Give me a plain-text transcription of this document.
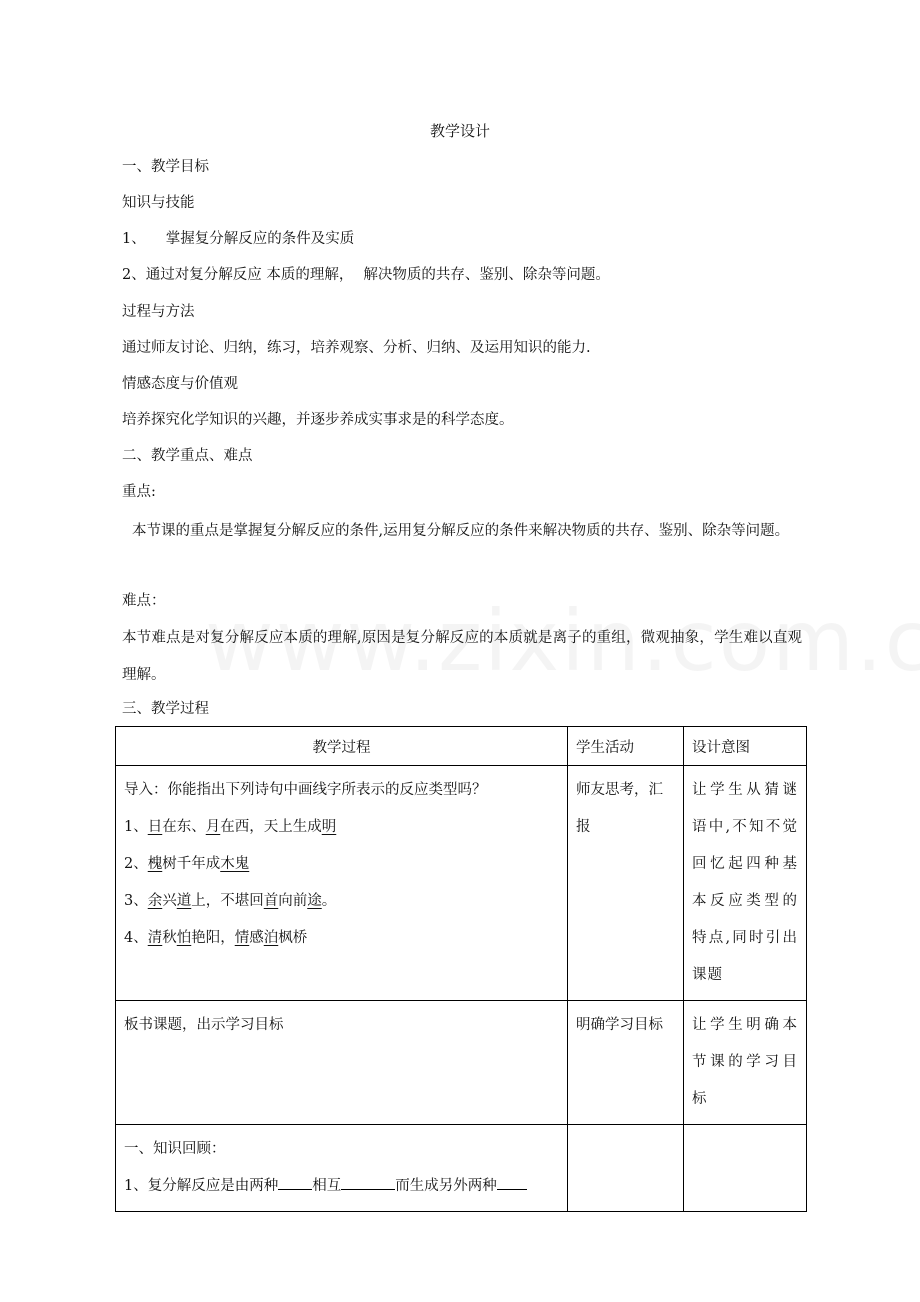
教学设计
一、教学目标
知识与技能
1、 掌握复分解反应的条件及实质
2、通过对复分解反应 本质的理解， 解决物质的共存、鉴别、除杂等问题。
过程与方法
通过师友讨论、归纳，练习，培养观察、分析、归纳、及运用知识的能力.
情感态度与价值观
培养探究化学知识的兴趣，并逐步养成实事求是的科学态度。
二、教学重点、难点
重点:
本节课的重点是掌握复分解反应的条件,运用复分解反应的条件来解决物质的共存、鉴别、除杂等问题。
难点：
本节难点是对复分解反应本质的理解,原因是复分解反应的本质就是离子的重组，微观抽象，学生难以直观理解。
三、教学过程
教学过程	学生活动	设计意图

导入：你能指出下列诗句中画线字所表示的反应类型吗？
1、日在东、月在西，天上生成明
2、槐树千年成木鬼
3、余兴道上，不堪回首向前途。
4、清秋怕艳阳，情感泊枫桥	师友思考，汇报	让学生从猜谜语中,不知不觉回忆起四种基本反应类型的特点,同时引出课题
板书课题，出示学习目标	明确学习目标	让学生明确本节课的学习目标

一、知识回顾：
1、复分解反应是由两种 相互 而生成另外两种		
